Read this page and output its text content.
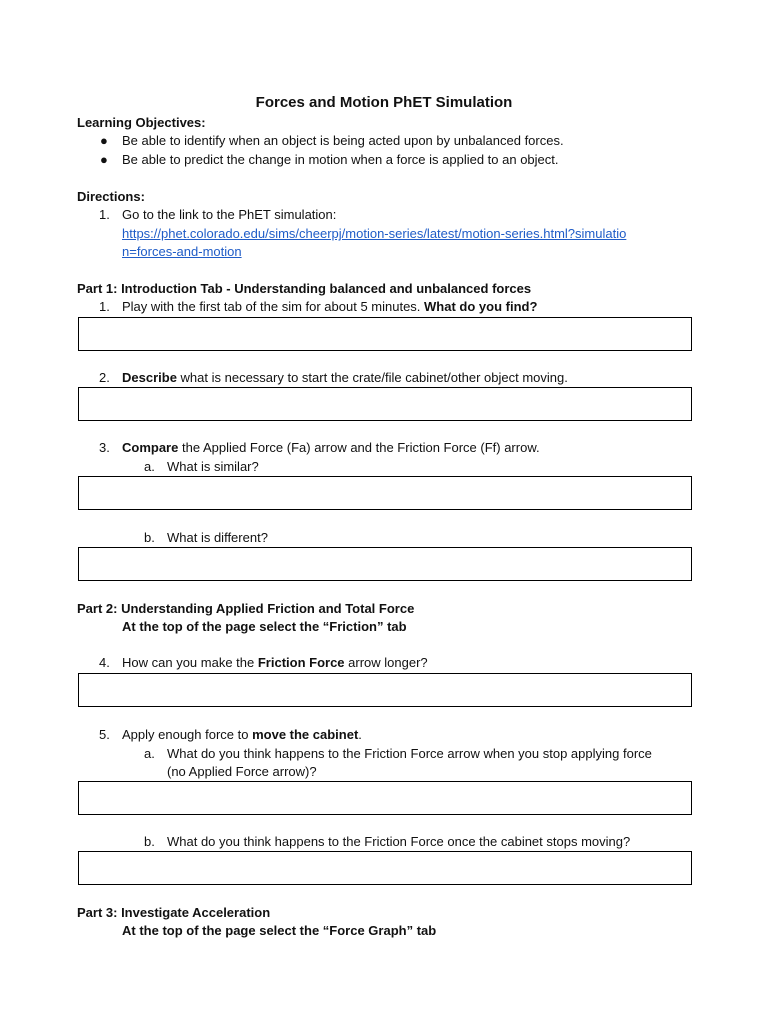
Forces and Motion PhET Simulation
Learning Objectives:
● Be able to identify when an object is being acted upon by unbalanced forces.
● Be able to predict the change in motion when a force is applied to an object.
Directions:
1. Go to the link to the PhET simulation:
https://phet.colorado.edu/sims/cheerpj/motion-series/latest/motion-series.html?simulatio
n=forces-and-motion
Part 1: Introduction Tab - Understanding balanced and unbalanced forces
1. Play with the first tab of the sim for about 5 minutes. What do you find?
2. Describe what is necessary to start the crate/file cabinet/other object moving.
3. Compare the Applied Force (Fa) arrow and the Friction Force (Ff) arrow.
a. What is similar?
b. What is different?
Part 2: Understanding Applied Friction and Total Force
At the top of the page select the “Friction” tab
4. How can you make the Friction Force arrow longer?
5. Apply enough force to move the cabinet.
a. What do you think happens to the Friction Force arrow when you stop applying force
(no Applied Force arrow)?
b. What do you think happens to the Friction Force once the cabinet stops moving?
Part 3: Investigate Acceleration
At the top of the page select the “Force Graph” tab
